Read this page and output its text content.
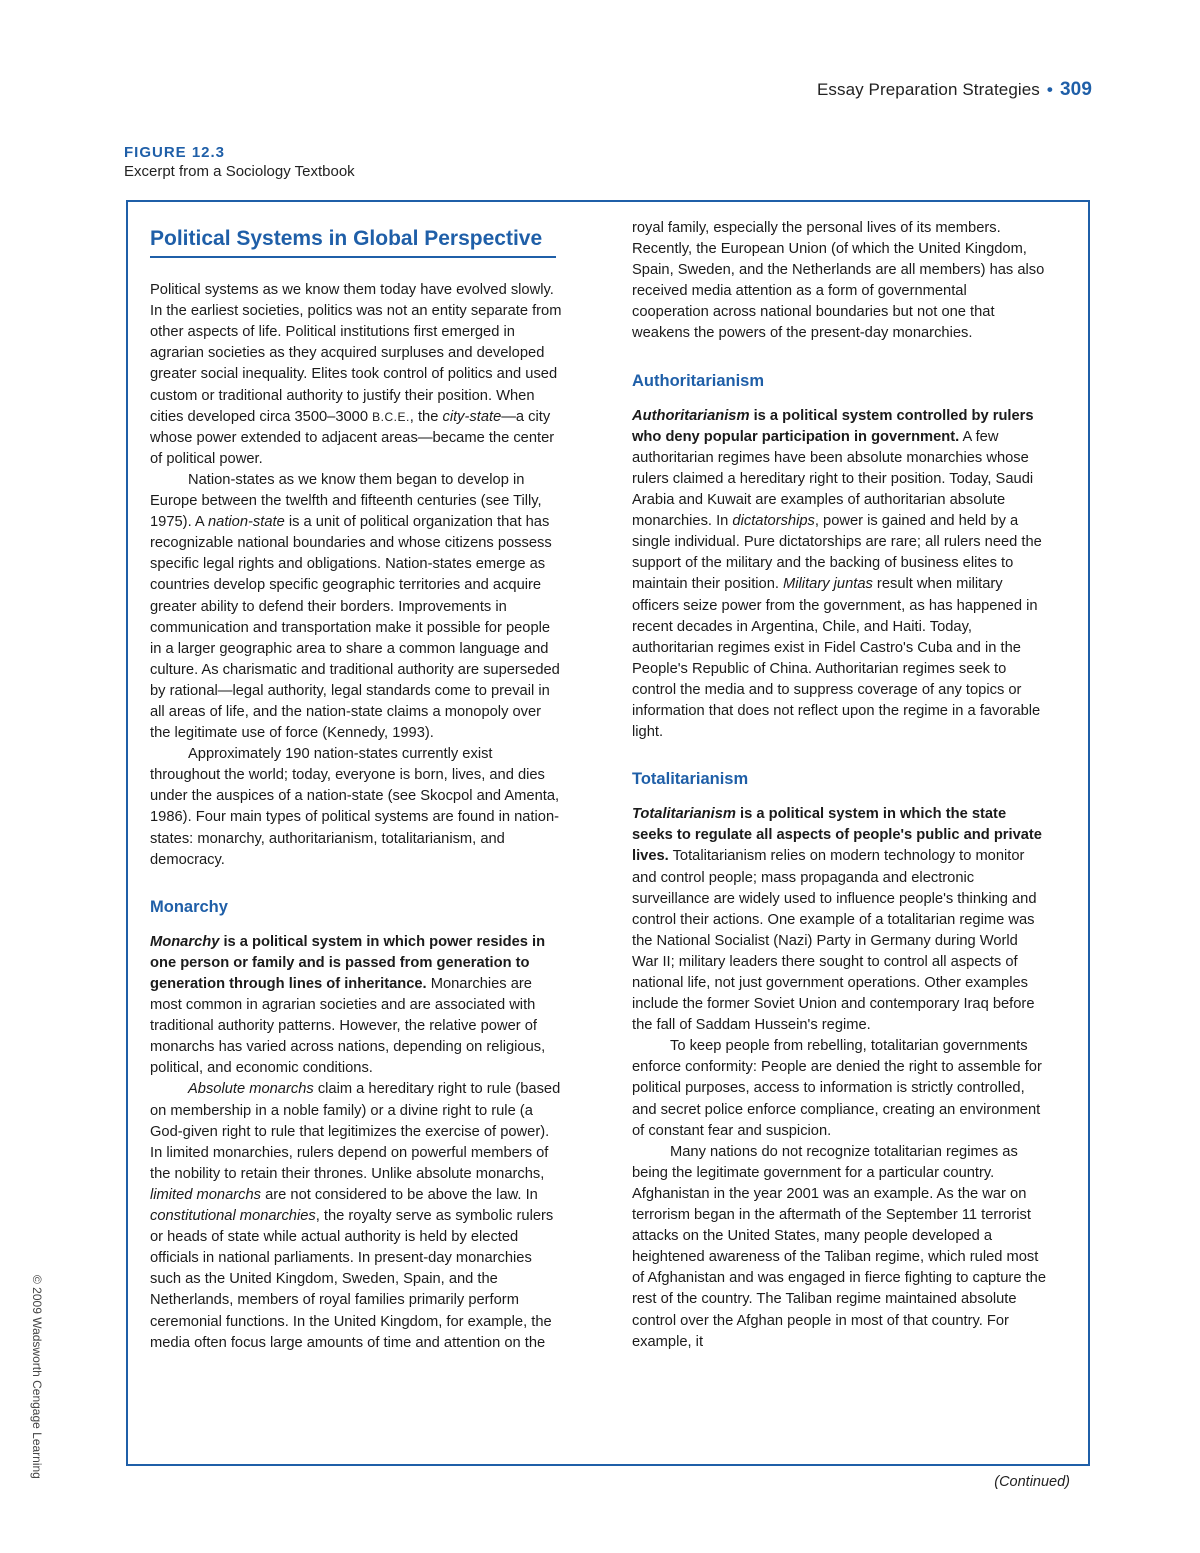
Essay Preparation Strategies • 309
FIGURE 12.3
Excerpt from a Sociology Textbook
Political Systems in Global Perspective

Political systems as we know them today have evolved slowly. In the earliest societies, politics was not an entity separate from other aspects of life. Political institutions first emerged in agrarian societies as they acquired surpluses and developed greater social inequality. Elites took control of politics and used custom or traditional authority to justify their position. When cities developed circa 3500–3000 B.C.E., the city-state—a city whose power extended to adjacent areas—became the center of political power.

Nation-states as we know them began to develop in Europe between the twelfth and fifteenth centuries (see Tilly, 1975). A nation-state is a unit of political organization that has recognizable national boundaries and whose citizens possess specific legal rights and obligations. Nation-states emerge as countries develop specific geographic territories and acquire greater ability to defend their borders. Improvements in communication and transportation make it possible for people in a larger geographic area to share a common language and culture. As charismatic and traditional authority are superseded by rational—legal authority, legal standards come to prevail in all areas of life, and the nation-state claims a monopoly over the legitimate use of force (Kennedy, 1993).

Approximately 190 nation-states currently exist throughout the world; today, everyone is born, lives, and dies under the auspices of a nation-state (see Skocpol and Amenta, 1986). Four main types of political systems are found in nation-states: monarchy, authoritarianism, totalitarianism, and democracy.

Monarchy

Monarchy is a political system in which power resides in one person or family and is passed from generation to generation through lines of inheritance. Monarchies are most common in agrarian societies and are associated with traditional authority patterns. However, the relative power of monarchs has varied across nations, depending on religious, political, and economic conditions.

Absolute monarchs claim a hereditary right to rule (based on membership in a noble family) or a divine right to rule (a God-given right to rule that legitimizes the exercise of power). In limited monarchies, rulers depend on powerful members of the nobility to retain their thrones. Unlike absolute monarchs, limited monarchs are not considered to be above the law. In constitutional monarchies, the royalty serve as symbolic rulers or heads of state while actual authority is held by elected officials in national parliaments. In present-day monarchies such as the United Kingdom, Sweden, Spain, and the Netherlands, members of royal families primarily perform ceremonial functions. In the United Kingdom, for example, the media often focus large amounts of time and attention on the

royal family, especially the personal lives of its members. Recently, the European Union (of which the United Kingdom, Spain, Sweden, and the Netherlands are all members) has also received media attention as a form of governmental cooperation across national boundaries but not one that weakens the powers of the present-day monarchies.

Authoritarianism

Authoritarianism is a political system controlled by rulers who deny popular participation in government. A few authoritarian regimes have been absolute monarchies whose rulers claimed a hereditary right to their position. Today, Saudi Arabia and Kuwait are examples of authoritarian absolute monarchies. In dictatorships, power is gained and held by a single individual. Pure dictatorships are rare; all rulers need the support of the military and the backing of business elites to maintain their position. Military juntas result when military officers seize power from the government, as has happened in recent decades in Argentina, Chile, and Haiti. Today, authoritarian regimes exist in Fidel Castro's Cuba and in the People's Republic of China. Authoritarian regimes seek to control the media and to suppress coverage of any topics or information that does not reflect upon the regime in a favorable light.

Totalitarianism

Totalitarianism is a political system in which the state seeks to regulate all aspects of people's public and private lives. Totalitarianism relies on modern technology to monitor and control people; mass propaganda and electronic surveillance are widely used to influence people's thinking and control their actions. One example of a totalitarian regime was the National Socialist (Nazi) Party in Germany during World War II; military leaders there sought to control all aspects of national life, not just government operations. Other examples include the former Soviet Union and contemporary Iraq before the fall of Saddam Hussein's regime.

To keep people from rebelling, totalitarian governments enforce conformity: People are denied the right to assemble for political purposes, access to information is strictly controlled, and secret police enforce compliance, creating an environment of constant fear and suspicion.

Many nations do not recognize totalitarian regimes as being the legitimate government for a particular country. Afghanistan in the year 2001 was an example. As the war on terrorism began in the aftermath of the September 11 terrorist attacks on the United States, many people developed a heightened awareness of the Taliban regime, which ruled most of Afghanistan and was engaged in fierce fighting to capture the rest of the country. The Taliban regime maintained absolute control over the Afghan people in most of that country. For example, it

(Continued)
© 2009 Wadsworth Cengage Learning
